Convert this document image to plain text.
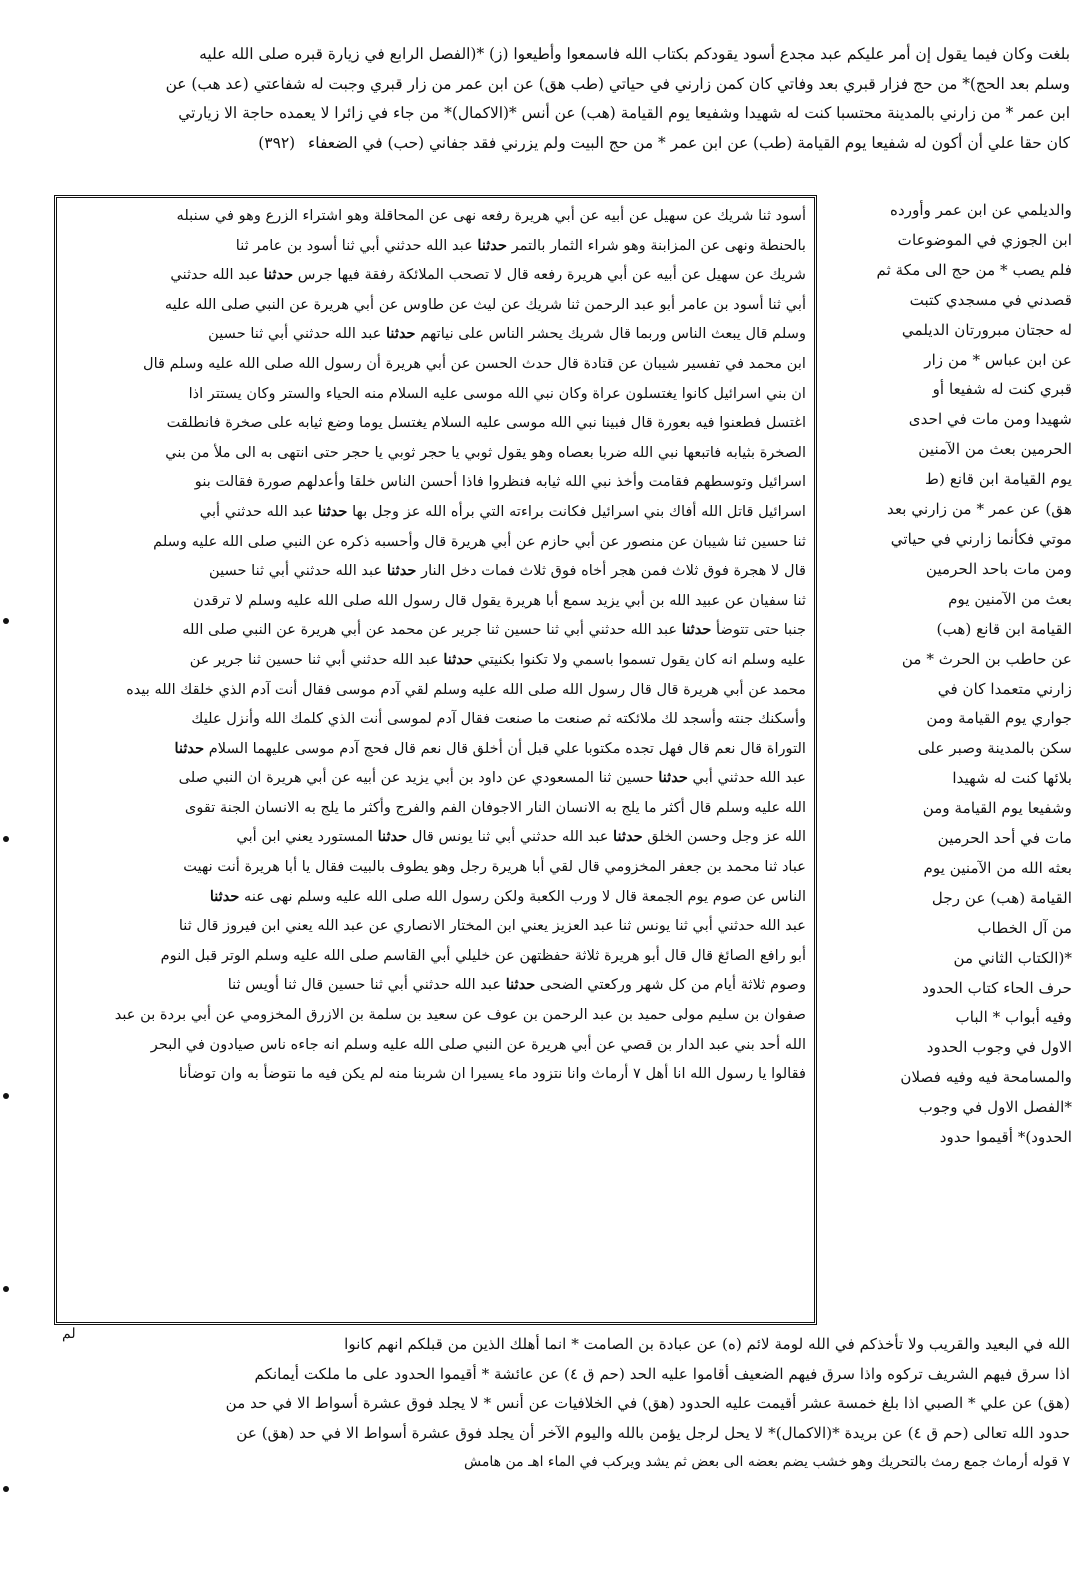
بلغت وكان فيما يقول إن أمر عليكم عبد مجدع أسود يقودكم بكتاب الله فاسمعوا وأطيعوا (ز) *(الفصل الرابع في زيارة قبره صلى الله عليه

وسلم بعد الحج)* من حج فزار قبري بعد وفاتي كان كمن زارني في حياتي (طب هق) عن ابن عمر من زار قبري وجبت له شفاعتي (عد هب) عن

ابن عمر * من زارني بالمدينة محتسبا كنت له شهيدا وشفيعا يوم القيامة (هب) عن أنس *(الاكمال)* من جاء في زائرا لا يعمده حاجة الا زيارتي

كان حقا علي أن أكون له شفيعا يوم القيامة (طب) عن ابن عمر * من حج البيت ولم يزرني فقد جفاني (حب) في الضعفاء (٣٩٢)

أسود ثنا شريك عن سهيل عن أبيه عن أبي هريرة رفعه نهى عن المحاقلة وهو اشتراء الزرع وهو في سنبله

بالحنطة ونهى عن المزابنة وهو شراء الثمار بالتمر حدثنا عبد الله حدثني أبي ثنا أسود بن عامر ثنا

شريك عن سهيل عن أبيه عن أبي هريرة رفعه قال لا تصحب الملائكة رفقة فيها جرس حدثنا عبد الله حدثني

أبي ثنا أسود بن عامر أبو عبد الرحمن ثنا شريك عن ليث عن طاوس عن أبي هريرة عن النبي صلى الله عليه

وسلم قال يبعث الناس وربما قال شريك يحشر الناس على نياتهم حدثنا عبد الله حدثني أبي ثنا حسين

ابن محمد في تفسير شيبان عن قتادة قال حدث الحسن عن أبي هريرة أن رسول الله صلى الله عليه وسلم قال

ان بني اسرائيل كانوا يغتسلون عراة وكان نبي الله موسى عليه السلام منه الحياء والستر وكان يستتر اذا

اغتسل فطعنوا فيه بعورة قال فبينا نبي الله موسى عليه السلام يغتسل يوما وضع ثيابه على صخرة فانطلقت

الصخرة بثيابه فاتبعها نبي الله ضربا بعصاه وهو يقول ثوبي يا حجر ثوبي يا حجر حتى انتهى به الى ملأ من بني

اسرائيل وتوسطهم فقامت وأخذ نبي الله ثيابه فنظروا فاذا أحسن الناس خلقا وأعدلهم صورة فقالت بنو

اسرائيل قاتل الله أفاك بني اسرائيل فكانت براءته التي برأه الله عز وجل بها حدثنا عبد الله حدثني أبي

ثنا حسين ثنا شيبان عن منصور عن أبي حازم عن أبي هريرة قال وأحسبه ذكره عن النبي صلى الله عليه وسلم

قال لا هجرة فوق ثلاث فمن هجر أخاه فوق ثلاث فمات دخل النار حدثنا عبد الله حدثني أبي ثنا حسين

ثنا سفيان عن عبيد الله بن أبي يزيد سمع أبا هريرة يقول قال رسول الله صلى الله عليه وسلم لا ترقدن

جنبا حتى تتوضأ حدثنا عبد الله حدثني أبي ثنا حسين ثنا جرير عن محمد عن أبي هريرة عن النبي صلى الله

عليه وسلم انه كان يقول تسموا باسمي ولا تكنوا بكنيتي حدثنا عبد الله حدثني أبي ثنا حسين ثنا جرير عن

محمد عن أبي هريرة قال قال رسول الله صلى الله عليه وسلم لقي آدم موسى فقال أنت آدم الذي خلقك الله بيده

وأسكنك جنته وأسجد لك ملائكته ثم صنعت ما صنعت فقال آدم لموسى أنت الذي كلمك الله وأنزل عليك

التوراة قال نعم قال فهل تجده مكتوبا علي قبل أن أخلق قال نعم قال فحج آدم موسى عليهما السلام حدثنا

عبد الله حدثني أبي حدثنا حسين ثنا المسعودي عن داود بن أبي يزيد عن أبيه عن أبي هريرة ان النبي صلى

الله عليه وسلم قال أكثر ما يلج به الانسان النار الاجوفان الفم والفرج وأكثر ما يلج به الانسان الجنة تقوى

الله عز وجل وحسن الخلق حدثنا عبد الله حدثني أبي ثنا يونس قال حدثنا المستورد يعني ابن أبي

عباد ثنا محمد بن جعفر المخزومي قال لقي أبا هريرة رجل وهو يطوف بالبيت فقال يا أبا هريرة أنت نهيت

الناس عن صوم يوم الجمعة قال لا ورب الكعبة ولكن رسول الله صلى الله عليه وسلم نهى عنه حدثنا

عبد الله حدثني أبي ثنا يونس ثنا عبد العزيز يعني ابن المختار الانصاري عن عبد الله يعني ابن فيروز قال ثنا

أبو رافع الصائغ قال قال أبو هريرة ثلاثة حفظتهن عن خليلي أبي القاسم صلى الله عليه وسلم الوتر قبل النوم

وصوم ثلاثة أيام من كل شهر وركعتي الضحى حدثنا عبد الله حدثني أبي ثنا حسين قال ثنا أويس ثنا

صفوان بن سليم مولى حميد بن عبد الرحمن بن عوف عن سعيد بن سلمة بن الازرق المخزومي عن أبي بردة بن عبد

الله أحد بني عبد الدار بن قصي عن أبي هريرة عن النبي صلى الله عليه وسلم انه جاءه ناس صيادون في البحر

فقالوا يا رسول الله انا أهل ٧ أرماث وانا نتزود ماء يسيرا ان شربنا منه لم يكن فيه ما نتوضأ به وان توضأنا

والديلمي عن ابن عمر وأورده

ابن الجوزي في الموضوعات

فلم يصب * من حج الى مكة ثم

قصدني في مسجدي كتبت

له حجتان مبرورتان الديلمي

عن ابن عباس * من زار

قبري كنت له شفيعا أو

شهيدا ومن مات في احدى

الحرمين بعث من الآمنين

يوم القيامة ابن قانع (ط

هق) عن عمر * من زارني بعد

موتي فكأنما زارني في حياتي

ومن مات باحد الحرمين

بعث من الآمنين يوم

القيامة ابن قانع (هب)

عن حاطب بن الحرث * من

زارني متعمدا كان في

جواري يوم القيامة ومن

سكن بالمدينة وصبر على

بلائها كنت له شهيدا

وشفيعا يوم القيامة ومن

مات في أحد الحرمين

بعثه الله من الآمنين يوم

القيامة (هب) عن رجل

من آل الخطاب

*(الكتاب الثاني من

حرف الحاء كتاب الحدود

وفيه أبواب * الباب

الاول في وجوب الحدود

والمسامحة فيه وفيه فصلان

*الفصل الاول في وجوب

الحدود)* أقيموا حدود

لم

الله في البعيد والقريب ولا تأخذكم في الله لومة لائم (ه) عن عبادة بن الصامت * انما أهلك الذين من قبلكم انهم كانوا

اذا سرق فيهم الشريف تركوه واذا سرق فيهم الضعيف أقاموا عليه الحد (حم ق ٤) عن عائشة * أقيموا الحدود على ما ملكت أيمانكم

(هق) عن علي * الصبي اذا بلغ خمسة عشر أقيمت عليه الحدود (هق) في الخلافيات عن أنس * لا يجلد فوق عشرة أسواط الا في حد من

حدود الله تعالى (حم ق ٤) عن بريدة *(الاكمال)* لا يحل لرجل يؤمن بالله واليوم الآخر أن يجلد فوق عشرة أسواط الا في حد (هق) عن

٧ قوله أرماث جمع رمث بالتحريك وهو خشب يضم بعضه الى بعض ثم يشد ويركب في الماء اهـ من هامش
